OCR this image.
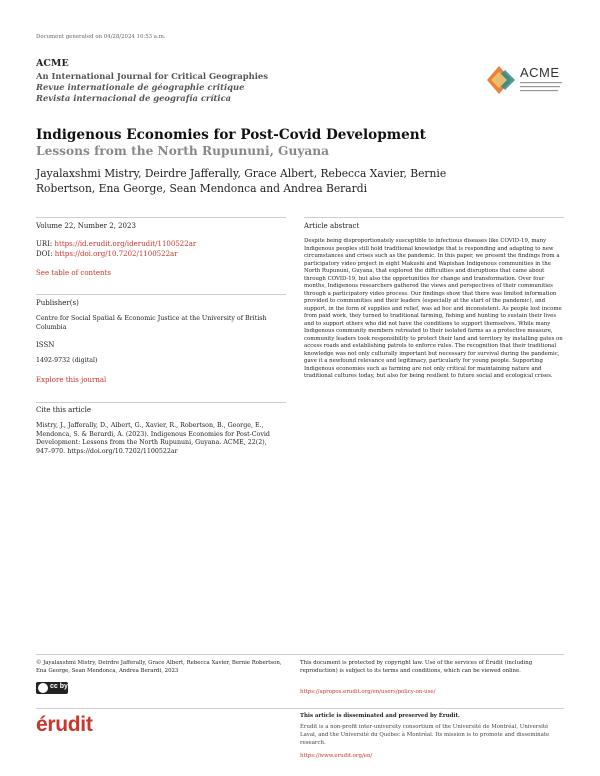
Document generated on 04/28/2024 10:53 a.m.
ACME
An International Journal for Critical Geographies
Revue internationale de géographie critique
Revista internacional de geografía crítica
ACME
Indigenous Economies for Post-Covid Development
Lessons from the North Rupununi, Guyana
Jayalaxshmi Mistry, Deirdre Jafferally, Grace Albert, Rebecca Xavier, Bernie
Robertson, Ena George, Sean Mendonca and Andrea Berardi
Volume 22, Number 2, 2023
URI: https://id.erudit.org/iderudit/1100522ar
DOI: https://doi.org/10.7202/1100522ar
See table of contents
Publisher(s)
Centre for Social Spatial & Economic Justice at the University of British Columbia
ISSN
1492-9732 (digital)
Explore this journal
Cite this article
Mistry, J., Jafferally, D., Albert, G., Xavier, R., Robertson, B., George, E., Mendonca, S. & Berardi, A. (2023). Indigenous Economies for Post-Covid Development: Lessons from the North Rupununi, Guyana. ACME, 22(2), 947–970. https://doi.org/10.7202/1100522ar
Article abstract
Despite being disproportionately susceptible to infectious diseases like COVID-19, many Indigenous peoples still hold traditional knowledge that is responding and adapting to new circumstances and crises such as the pandemic. In this paper, we present the findings from a participatory video project in eight Makushi and Wapishan Indigenous communities in the North Rupununi, Guyana, that explored the difficulties and disruptions that came about through COVID-19, but also the opportunities for change and transformation. Over four months, Indigenous researchers gathered the views and perspectives of their communities through a participatory video process. Our findings show that there was limited information provided to communities and their leaders (especially at the start of the pandemic), and support, in the form of supplies and relief, was ad hoc and inconsistent. As people lost income from paid work, they turned to traditional farming, fishing and hunting to sustain their lives and to support others who did not have the conditions to support themselves. While many Indigenous community members retreated to their isolated farms as a protective measure, community leaders took responsibility to protect their land and territory by installing gates on access roads and establishing patrols to enforce rules. The recognition that their traditional knowledge was not only culturally important but necessary for survival during the pandemic, gave it a newfound relevance and legitimacy, particularly for young people. Supporting Indigenous economies such as farming are not only critical for maintaining nature and traditional cultures today, but also for being resilient to future social and ecological crises.
© Jayalaxshmi Mistry, Deirdre Jafferally, Grace Albert, Rebecca Xavier, Bernie Robertson, Ena George, Sean Mendonca, Andrea Berardi, 2023
cc by
This document is protected by copyright law. Use of the services of Érudit (including reproduction) is subject to its terms and conditions, which can be viewed online.
https://apropos.erudit.org/en/users/policy-on-use/
érudit	This article is disseminated and preserved by Érudit.
Érudit is a non-profit inter-university consortium of the Université de Montréal, Université Laval, and the Université du Québec à Montréal. Its mission is to promote and disseminate research.
https://www.erudit.org/en/
